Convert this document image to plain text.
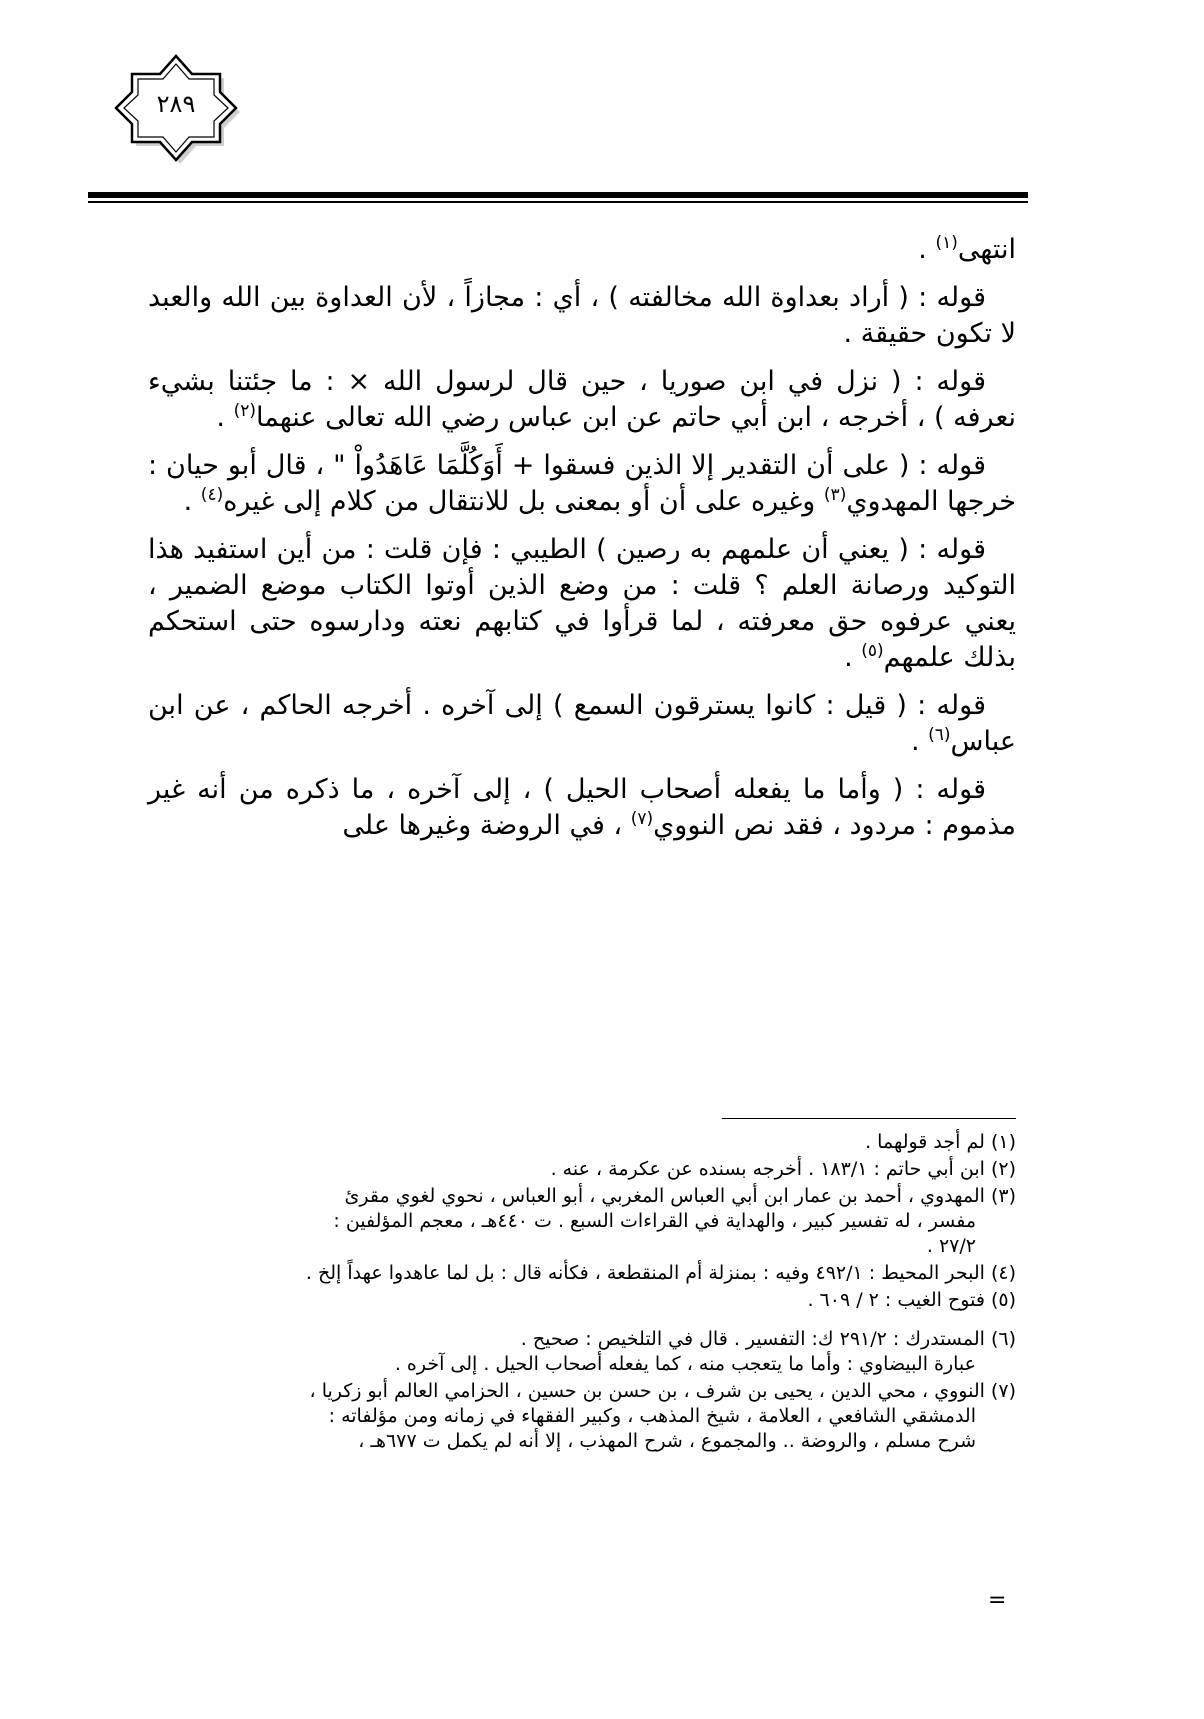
٢٨٩

انتهى$^{(١)}$ .

قوله : ( أراد بعداوة الله مخالفته ) ، أي : مجازاً ، لأن العداوة بين الله والعبد لا تكون حقيقة .

قوله : ( نزل في ابن صوريا ، حين قال لرسول الله × : ما جئتنا بشيء نعرفه ) ، أخرجه ، ابن أبي حاتم عن ابن عباس رضي الله تعالى عنهما$^{(٢)}$ .

قوله : ( على أن التقدير إلا الذين فسقوا + أَوَكُلَّمَا عَاهَدُواْ " ، قال أبو حيان : خرجها المهدوي$^{(٣)}$ وغيره على أن أو بمعنى بل للانتقال من كلام إلى غيره$^{(٤)}$ .

قوله : ( يعني أن علمهم به رصين ) الطيبي : فإن قلت : من أين استفيد هذا التوكيد ورصانة العلم ؟ قلت : من وضع الذين أوتوا الكتاب موضع الضمير ، يعني عرفوه حق معرفته ، لما قرأوا في كتابهم نعته ودارسوه حتى استحكم بذلك علمهم$^{(٥)}$ .

قوله : ( قيل : كانوا يسترقون السمع ) إلى آخره . أخرجه الحاكم ، عن ابن عباس$^{(٦)}$ .

قوله : ( وأما ما يفعله أصحاب الحيل ) ، إلى آخره ، ما ذكره من أنه غير مذموم : مردود ، فقد نص النووي$^{(٧)}$ ، في الروضة وغيرها على

(١) لم أجد قولهما .
(٢) ابن أبي حاتم : ١٨٣/١ . أخرجه بسنده عن عكرمة ، عنه .
(٣) المهدوي ، أحمد بن عمار ابن أبي العباس المغربي ، أبو العباس ، نحوي لغوي مقرئ
مفسر ، له تفسير كبير ، والهداية في القراءات السبع . ت ٤٤٠هـ ، معجم المؤلفين :
٢٧/٢ .
(٤) البحر المحيط : ٤٩٢/١ وفيه : بمنزلة أم المنقطعة ، فكأنه قال : بل لما عاهدوا عهداً إلخ .
(٥) فتوح الغيب : ٢ / ٦٠٩ .
(٦) المستدرك : ٢٩١/٢ ك: التفسير . قال في التلخيص : صحيح .
عبارة البيضاوي : وأما ما يتعجب منه ، كما يفعله أصحاب الحيل . إلى آخره .
(٧) النووي ، محي الدين ، يحيى بن شرف ، بن حسن بن حسين ، الحزامي العالم أبو زكريا ،
الدمشقي الشافعي ، العلامة ، شيخ المذهب ، وكبير الفقهاء في زمانه ومن مؤلفاته :
شرح مسلم ، والروضة .. والمجموع ، شرح المهذب ، إلا أنه لم يكمل ت ٦٧٧هـ ،
=
